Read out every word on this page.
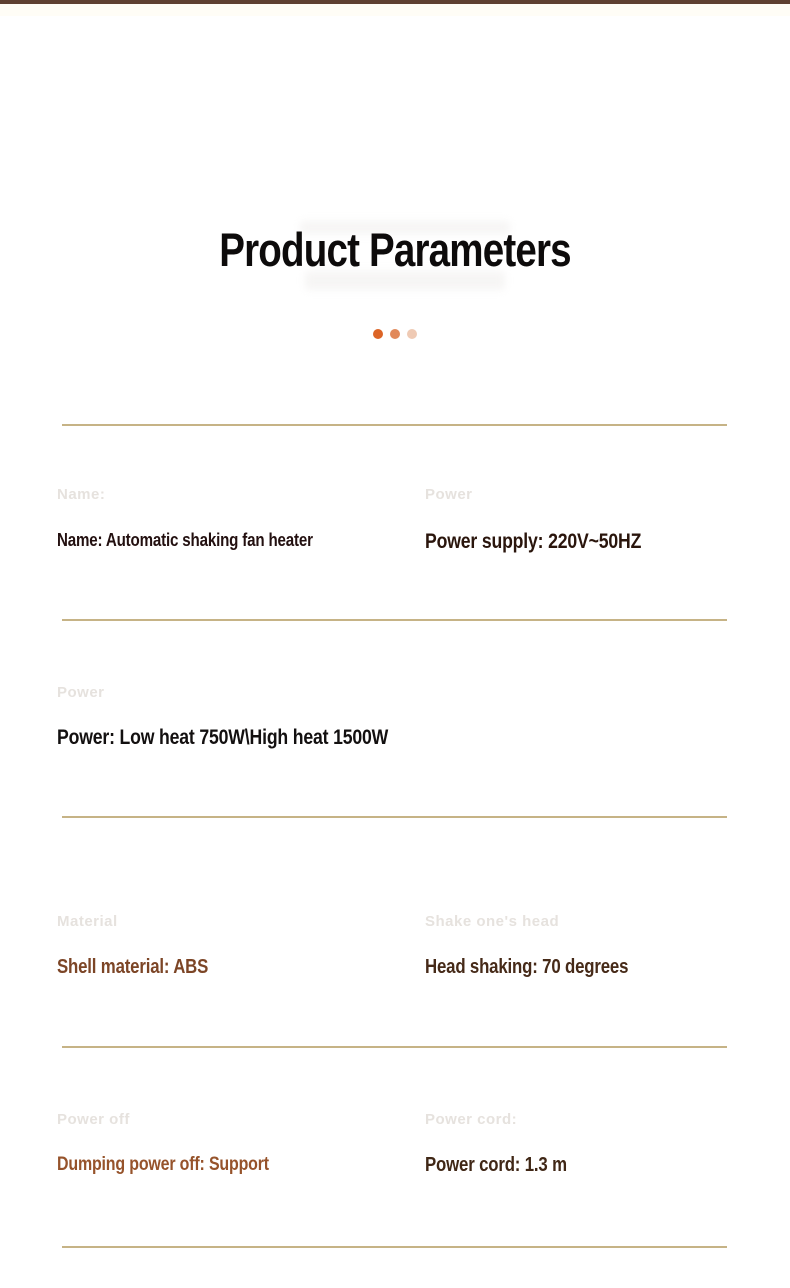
Product Parameters
Name:	Power
Name: Automatic shaking fan heater	Power supply: 220V~50HZ
Power
Power: Low heat 750W\High heat 1500W
Material	Shake one's head
Shell material: ABS	Head shaking: 70 degrees
Power off	Power cord:
Dumping power off: Support	Power cord: 1.3 m
